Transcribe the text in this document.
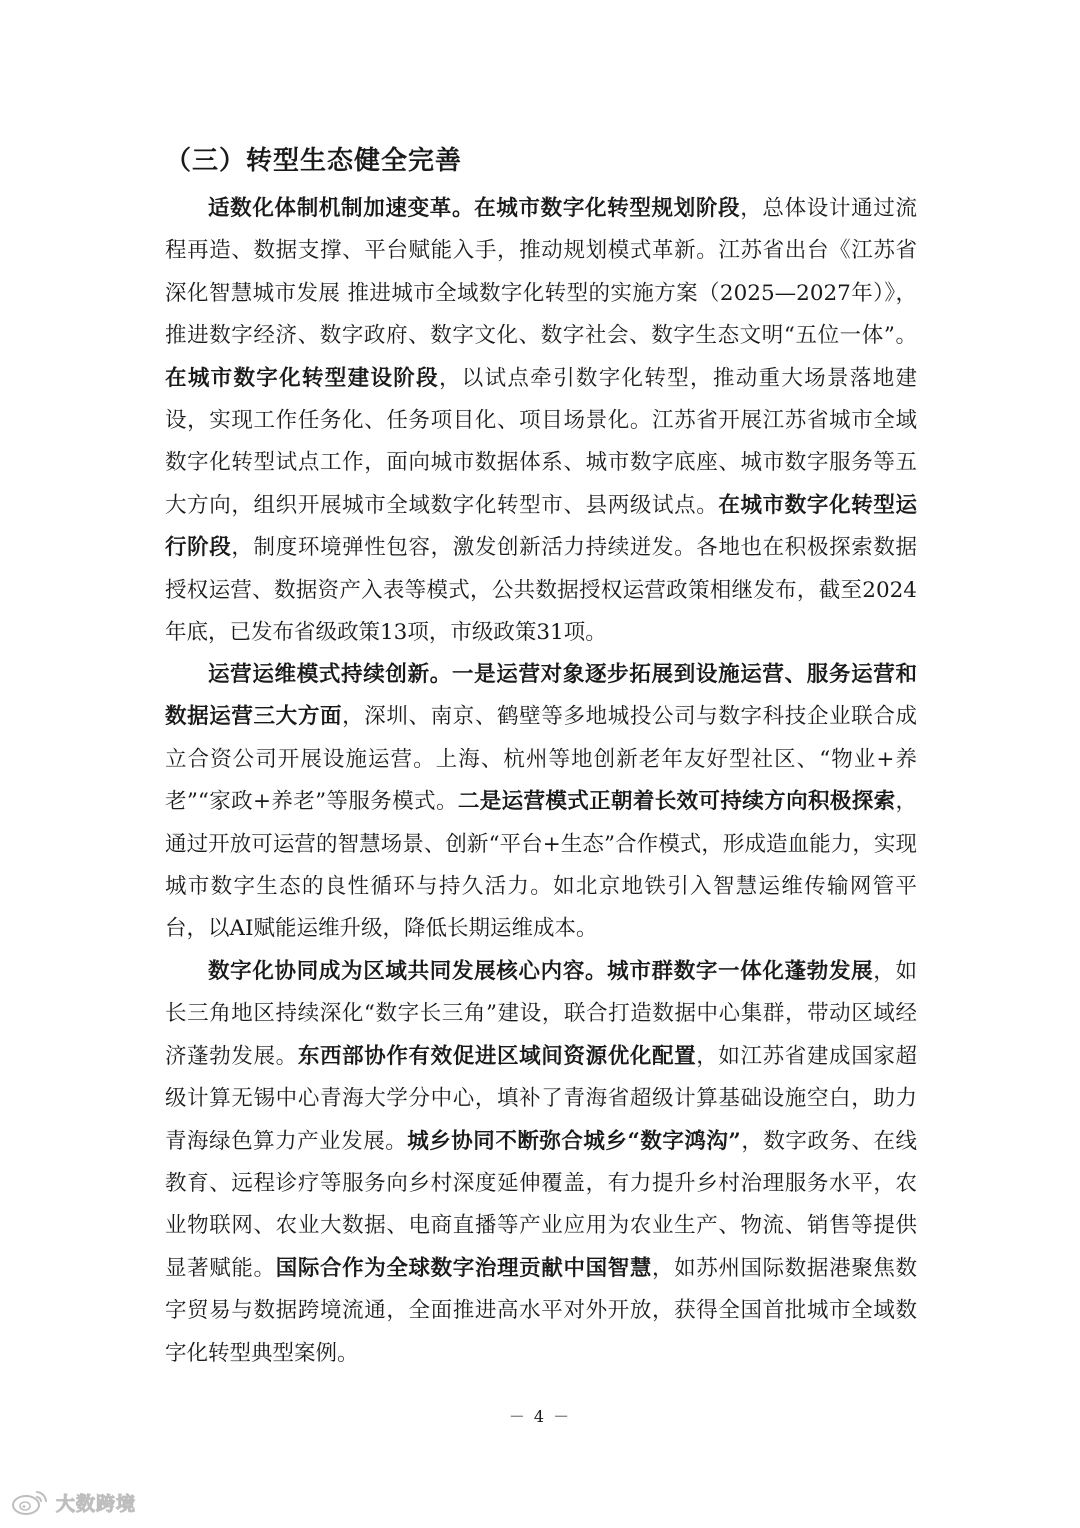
（三）转型生态健全完善

适数化体制机制加速变革。在城市数字化转型规划阶段，总体设计通过流程再造、数据支撑、平台赋能入手，推动规划模式革新。江苏省出台《江苏省深化智慧城市发展 推进城市全域数字化转型的实施方案（2025—2027年）》，推进数字经济、数字政府、数字文化、数字社会、数字生态文明“五位一体”。在城市数字化转型建设阶段，以试点牵引数字化转型，推动重大场景落地建设，实现工作任务化、任务项目化、项目场景化。江苏省开展江苏省城市全域数字化转型试点工作，面向城市数据体系、城市数字底座、城市数字服务等五大方向，组织开展城市全域数字化转型市、县两级试点。在城市数字化转型运行阶段，制度环境弹性包容，激发创新活力持续迸发。各地也在积极探索数据授权运营、数据资产入表等模式，公共数据授权运营政策相继发布，截至2024年底，已发布省级政策13项，市级政策31项。

运营运维模式持续创新。一是运营对象逐步拓展到设施运营、服务运营和数据运营三大方面，深圳、南京、鹤壁等多地城投公司与数字科技企业联合成立合资公司开展设施运营。上海、杭州等地创新老年友好型社区、“物业+养老”“家政+养老”等服务模式。二是运营模式正朝着长效可持续方向积极探索，通过开放可运营的智慧场景、创新“平台+生态”合作模式，形成造血能力，实现城市数字生态的良性循环与持久活力。如北京地铁引入智慧运维传输网管平台，以AI赋能运维升级，降低长期运维成本。

数字化协同成为区域共同发展核心内容。城市群数字一体化蓬勃发展，如长三角地区持续深化“数字长三角”建设，联合打造数据中心集群，带动区域经济蓬勃发展。东西部协作有效促进区域间资源优化配置，如江苏省建成国家超级计算无锡中心青海大学分中心，填补了青海省超级计算基础设施空白，助力青海绿色算力产业发展。城乡协同不断弥合城乡“数字鸿沟”，数字政务、在线教育、远程诊疗等服务向乡村深度延伸覆盖，有力提升乡村治理服务水平，农业物联网、农业大数据、电商直播等产业应用为农业生产、物流、销售等提供显著赋能。国际合作为全球数字治理贡献中国智慧，如苏州国际数据港聚焦数字贸易与数据跨境流通，全面推进高水平对外开放，获得全国首批城市全域数字化转型典型案例。

－ 4 －
大数跨境
